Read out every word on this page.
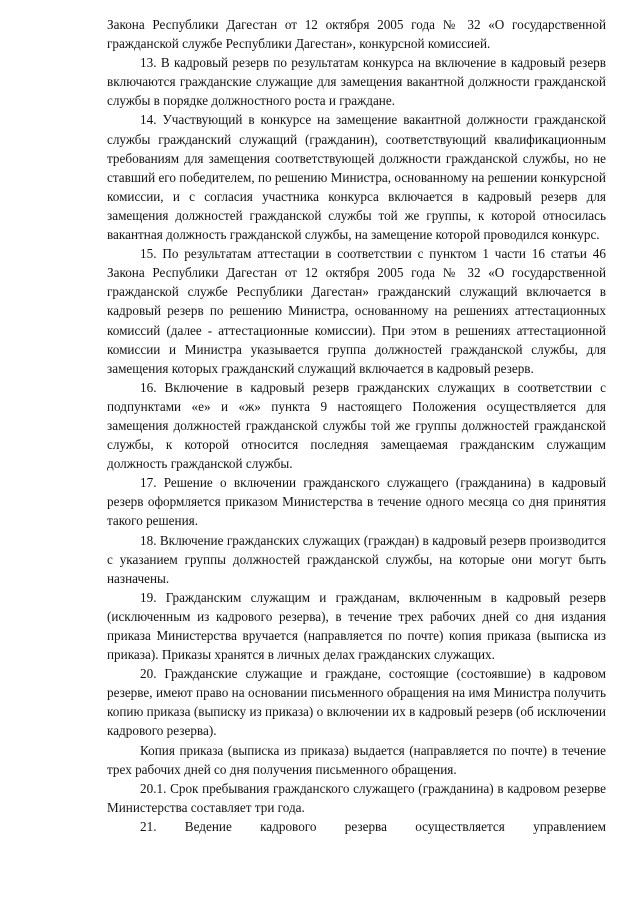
Закона Республики Дагестан от 12 октября 2005 года № 32 «О государственной гражданской службе Республики Дагестан», конкурсной комиссией.

13. В кадровый резерв по результатам конкурса на включение в кадровый резерв включаются гражданские служащие для замещения вакантной должности гражданской службы в порядке должностного роста и граждане.

14. Участвующий в конкурсе на замещение вакантной должности гражданской службы гражданский служащий (гражданин), соответствующий квалификационным требованиям для замещения соответствующей должности гражданской службы, но не ставший его победителем, по решению Министра, основанному на решении конкурсной комиссии, и с согласия участника конкурса включается в кадровый резерв для замещения должностей гражданской службы той же группы, к которой относилась вакантная должность гражданской службы, на замещение которой проводился конкурс.

15. По результатам аттестации в соответствии с пунктом 1 части 16 статьи 46 Закона Республики Дагестан от 12 октября 2005 года № 32 «О государственной гражданской службе Республики Дагестан» гражданский служащий включается в кадровый резерв по решению Министра, основанному на решениях аттестационных комиссий (далее - аттестационные комиссии). При этом в решениях аттестационной комиссии и Министра указывается группа должностей гражданской службы, для замещения которых гражданский служащий включается в кадровый резерв.

16. Включение в кадровый резерв гражданских служащих в соответствии с подпунктами «е» и «ж» пункта 9 настоящего Положения осуществляется для замещения должностей гражданской службы той же группы должностей гражданской службы, к которой относится последняя замещаемая гражданским служащим должность гражданской службы.

17. Решение о включении гражданского служащего (гражданина) в кадровый резерв оформляется приказом Министерства в течение одного месяца со дня принятия такого решения.

18. Включение гражданских служащих (граждан) в кадровый резерв производится с указанием группы должностей гражданской службы, на которые они могут быть назначены.

19. Гражданским служащим и гражданам, включенным в кадровый резерв (исключенным из кадрового резерва), в течение трех рабочих дней со дня издания приказа Министерства вручается (направляется по почте) копия приказа (выписка из приказа). Приказы хранятся в личных делах гражданских служащих.

20. Гражданские служащие и граждане, состоящие (состоявшие) в кадровом резерве, имеют право на основании письменного обращения на имя Министра получить копию приказа (выписку из приказа) о включении их в кадровый резерв (об исключении кадрового резерва).

Копия приказа (выписка из приказа) выдается (направляется по почте) в течение трех рабочих дней со дня получения письменного обращения.

20.1. Срок пребывания гражданского служащего (гражданина) в кадровом резерве Министерства составляет три года.

21. Ведение кадрового резерва осуществляется управлением
